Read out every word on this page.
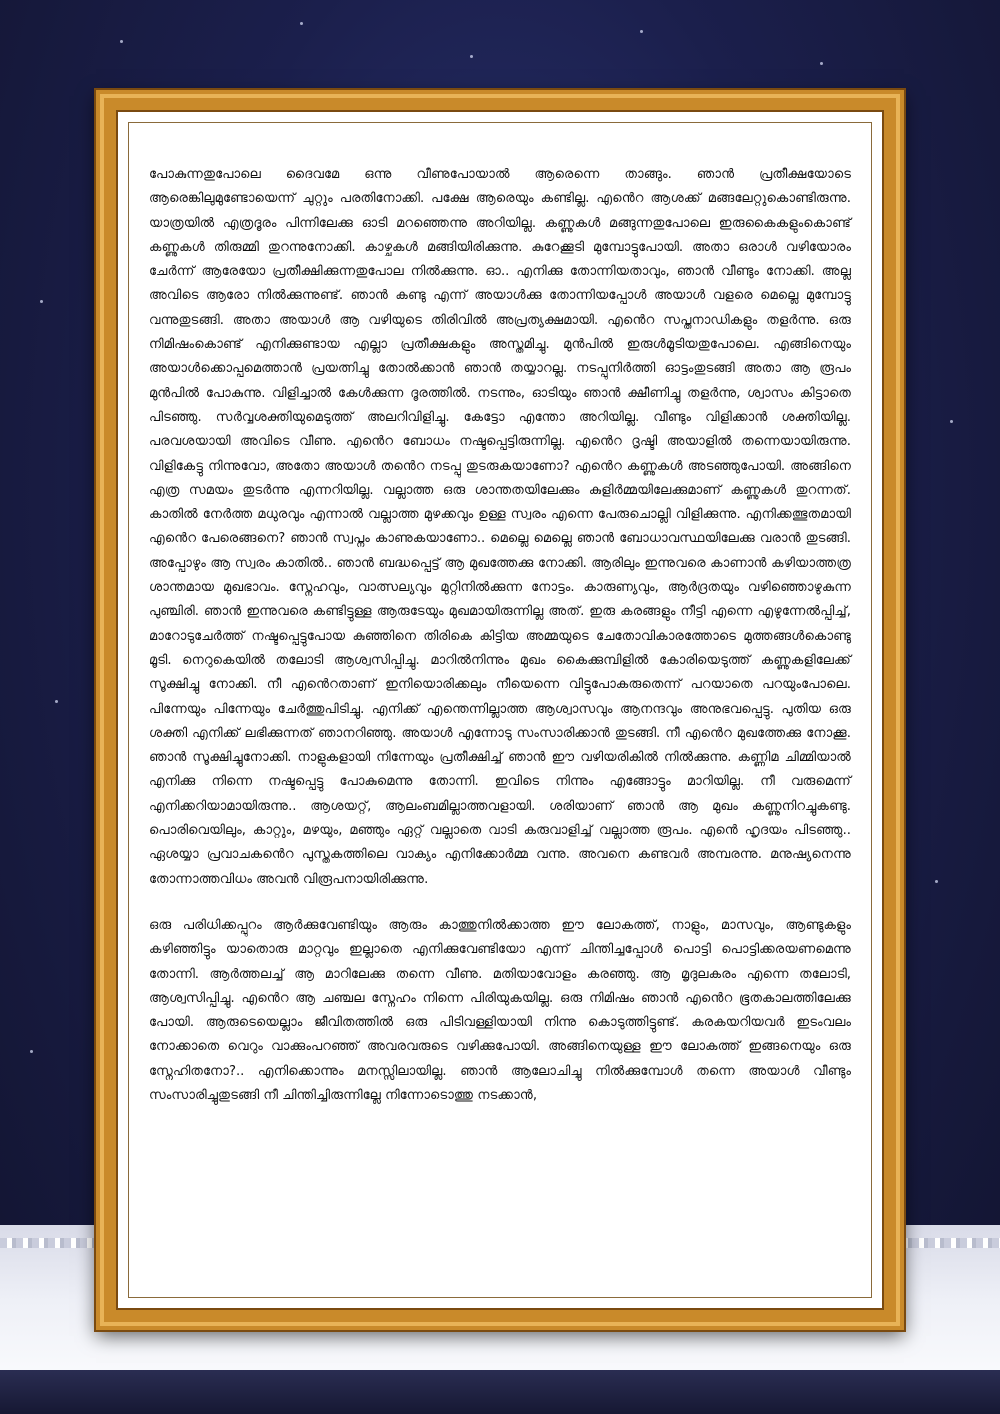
പോകുന്നതുപോലെ ദൈവമേ ഒന്നു വീണുപോയാൽ ആരെന്നെ താങ്ങും. ഞാൻ പ്രതീക്ഷയോടെ ആരെങ്കിലുമുണ്ടോയെന്ന് ചുറ്റും പരതിനോക്കി. പക്ഷേ ആരെയും കണ്ടില്ല. എൻെറ ആശക്ക് മങ്ങലേറ്റുകൊണ്ടിരുന്നു. യാത്രയിൽ എത്രദൂരം പിന്നിലേക്കു ഓടി മറഞ്ഞെന്നു അറിയില്ല. കണ്ണുകൾ മങ്ങുന്നതുപോലെ ഇരുകൈകളുംകൊണ്ട് കണ്ണുകൾ തിരുമ്മി തുറന്നുനോക്കി. കാഴ്ചകൾ മങ്ങിയിരിക്കുന്നു. കുറേക്കൂടി മുമ്പോട്ടുപോയി. അതാ ഒരാൾ വഴിയോരം ചേർന്ന് ആരേയോ പ്രതീക്ഷിക്കുന്നതുപോല നിൽക്കുന്നു. ഓ.. എനിക്കു തോന്നിയതാവും, ഞാൻ വീണ്ടും നോക്കി. അല്ല അവിടെ ആരോ നിൽക്കുന്നുണ്ട്. ഞാൻ കണ്ടു എന്ന് അയാൾക്കു തോന്നിയപ്പോൾ അയാൾ വളരെ മെല്ലെ മുമ്പോട്ടു വന്നുതുടങ്ങി. അതാ അയാൾ ആ വഴിയുടെ തിരിവിൽ അപ്രത്യക്ഷമായി. എൻെറ സപ്തനാഡികളും തളർന്നു. ഒരു നിമിഷംകൊണ്ട് എനിക്കുണ്ടായ എല്ലാ പ്രതീക്ഷകളും അസ്തമിച്ചു. മുൻപിൽ ഇരുൾമൂടിയതുപോലെ. എങ്ങിനെയും അയാൾക്കൊപ്പമെത്താൻ പ്രയത്നിച്ചു തോൽക്കാൻ ഞാൻ തയ്യാറല്ല. നടപ്പുനിർത്തി ഓട്ടംതുടങ്ങി അതാ ആ രൂപം മുൻപിൽ പോകുന്നു. വിളിച്ചാൽ കേൾക്കുന്ന ദൂരത്തിൽ. നടന്നും, ഓടിയും ഞാൻ ക്ഷീണിച്ചു തളർന്നു, ശ്വാസം കിട്ടാതെ പിടഞ്ഞു. സർവ്വശക്തിയുമെടുത്ത് അലറിവിളിച്ചു. കേട്ടോ എന്തോ അറിയില്ല. വീണ്ടും വിളിക്കാൻ ശക്തിയില്ല. പരവശയായി അവിടെ വീണു. എൻെറ ബോധം നഷ്ടപ്പെട്ടിരുന്നില്ല. എൻെറ ദൃഷ്ടി അയാളിൽ തന്നെയായിരുന്നു. വിളികേട്ടു നിന്നുവോ, അതോ അയാൾ തൻെറ നടപ്പു തുടരുകയാണോ? എൻെറ കണ്ണുകൾ അടഞ്ഞുപോയി. അങ്ങിനെ എത്ര സമയം തുടർന്നു എന്നറിയില്ല. വല്ലാത്ത ഒരു ശാന്തതയിലേക്കും കുളിർമ്മയിലേക്കുമാണ് കണ്ണുകൾ തുറന്നത്. കാതിൽ നേർത്ത മധുരവും എന്നാൽ വല്ലാത്ത മുഴക്കവും ഉള്ള സ്വരം എന്നെ പേരുചൊല്ലി വിളിക്കുന്നു. എനിക്കത്ഭുതമായി എൻെറ പേരെങ്ങനെ? ഞാൻ സ്വപ്നം കാണുകയാണോ.. മെല്ലെ മെല്ലെ ഞാൻ ബോധാവസ്ഥയിലേക്കു വരാൻ തുടങ്ങി. അപ്പോഴും ആ സ്വരം കാതിൽ.. ഞാൻ ബദ്ധപ്പെട്ട് ആ മുഖത്തേക്കു നോക്കി. ആരിലും ഇന്നുവരെ കാണാൻ കഴിയാത്തത്ര ശാന്തമായ മുഖഭാവം. സ്നേഹവും, വാത്സല്യവും മുറ്റിനിൽക്കുന്ന നോട്ടം. കാരുണ്യവും, ആർദ്രതയും വഴിഞ്ഞൊഴുകുന്ന പുഞ്ചിരി. ഞാൻ ഇന്നുവരെ കണ്ടിട്ടുള്ള ആരുടേയും മുഖമായിരുന്നില്ല അത്. ഇരു കരങ്ങളും നീട്ടി എന്നെ എഴുന്നേൽപ്പിച്ച്, മാറോടുചേർത്ത് നഷ്ടപ്പെട്ടുപോയ കുഞ്ഞിനെ തിരികെ കിട്ടിയ അമ്മയുടെ ചേതോവികാരത്തോടെ മുത്തങ്ങൾകൊണ്ടു മൂടി. നെറുകെയിൽ തലോടി ആശ്വസിപ്പിച്ചു. മാറിൽനിന്നും മുഖം കൈക്കുമ്പിളിൽ കോരിയെടുത്ത് കണ്ണുകളിലേക്ക് സൂക്ഷിച്ചു നോക്കി. നീ എൻെറതാണ് ഇനിയൊരിക്കലും നീയെന്നെ വിട്ടുപോകരുതെന്ന് പറയാതെ പറയുംപോലെ. പിന്നേയും പിന്നേയും ചേർത്തുപിടിച്ചു. എനിക്ക് എന്തെന്നില്ലാത്ത ആശ്വാസവും ആനന്ദവും അനുഭവപ്പെട്ടു. പുതിയ ഒരു ശക്തി എനിക്ക് ലഭിക്കുന്നത് ഞാനറിഞ്ഞു. അയാൾ എന്നോടു സംസാരിക്കാൻ തുടങ്ങി. നീ എൻെറ മുഖത്തേക്കു നോക്കൂ. ഞാൻ സൂക്ഷിച്ചുനോക്കി. നാളുകളായി നിന്നേയും പ്രതീക്ഷിച്ച് ഞാൻ ഈ വഴിയരികിൽ നിൽക്കുന്നു. കണ്ണിമ ചിമ്മിയാൽ എനിക്കു നിന്നെ നഷ്ടപ്പെട്ടു പോകുമെന്നു തോന്നി. ഇവിടെ നിന്നും എങ്ങോട്ടും മാറിയില്ല. നീ വരുമെന്ന് എനിക്കറിയാമായിരുന്നു.. ആശയറ്റ്, ആലംബമില്ലാത്തവളായി. ശരിയാണ് ഞാൻ ആ മുഖം കണ്ണുനിറച്ചുകണ്ടു. പൊരിവെയിലും, കാറ്റും, മഴയും, മഞ്ഞും ഏറ്റ് വല്ലാതെ വാടി കരുവാളിച്ച് വല്ലാത്ത രൂപം. എൻെ ഹൃദയം പിടഞ്ഞു.. ഏശയ്യാ പ്രവാചകൻെറ പുസ്തകത്തിലെ വാക്യം എനിക്കോർമ്മ വന്നു. അവനെ കണ്ടവർ അമ്പരന്നു. മനുഷ്യനെന്നു തോന്നാത്തവിധം അവൻ വിരൂപനായിരിക്കുന്നു.

ഒരു പരിധിക്കപ്പുറം ആർക്കുവേണ്ടിയും ആരും കാത്തുനിൽക്കാത്ത ഈ ലോകത്ത്, നാളും, മാസവും, ആണ്ടുകളും കഴിഞ്ഞിട്ടും യാതൊരു മാറ്റവും ഇല്ലാതെ എനിക്കുവേണ്ടിയോ എന്ന് ചിന്തിച്ചപ്പോൾ പൊട്ടി പൊട്ടിക്കരയണമെന്നു തോന്നി. ആർത്തലച്ച് ആ മാറിലേക്കു തന്നെ വീണു. മതിയാവോളം കരഞ്ഞു. ആ മൃദുലകരം എന്നെ തലോടി, ആശ്വസിപ്പിച്ചു. എൻെറ ആ ചഞ്ചല സ്നേഹം നിന്നെ പിരിയുകയില്ല. ഒരു നിമിഷം ഞാൻ എൻെറ ഭൂതകാലത്തിലേക്കു പോയി. ആരുടെയെല്ലാം ജീവിതത്തിൽ ഒരു പിടിവള്ളിയായി നിന്നു കൊടുത്തിട്ടുണ്ട്. കരകയറിയവർ ഇടംവലം നോക്കാതെ വെറും വാക്കുംപറഞ്ഞ് അവരവരുടെ വഴിക്കുപോയി. അങ്ങിനെയുള്ള ഈ ലോകത്ത് ഇങ്ങനെയും ഒരു സ്നേഹിതനോ?.. എനിക്കൊന്നും മനസ്സിലായില്ല. ഞാൻ ആലോചിച്ചു നിൽക്കുമ്പോൾ തന്നെ അയാൾ വീണ്ടും സംസാരിച്ചുതുടങ്ങി നീ ചിന്തിച്ചിരുന്നില്ലേ നിന്നോടൊത്തു നടക്കാൻ,
